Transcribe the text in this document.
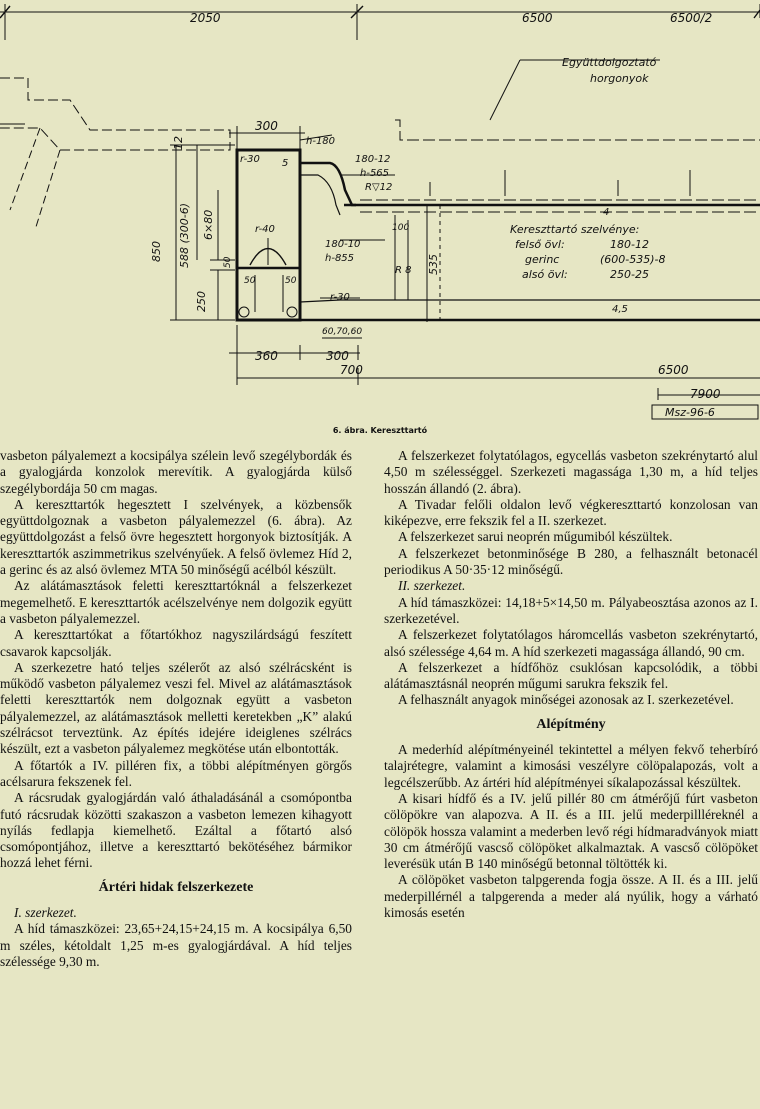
2050	6500	6500/2
Együttdolgoztató
horgonyok
300
h-180
r-30	180-12
h-565
R▽12
r-40
180-10
h-855
r-30
4,5
4
5
50	50
Kereszttartó szelvénye:
felső övl:	180-12
gerinc	(600-535)-8
alsó övl:	250-25
100
R 8
360	300
60,70,60
700	6500
7900
Msz-96-6
850 588 (300-6) 6×80
250
12
50	535
6. ábra. Kereszttartó

vasbeton pályalemezt a kocsipálya szélein levő szegélybordák és a gyalogjárda konzolok merevítik. A gyalogjárda külső szegélybordája 50 cm magas.

A kereszttartók hegesztett I szelvények, a közbensők együttdolgoznak a vasbeton pályalemezzel (6. ábra). Az együttdolgozást a felső övre hegesztett horgonyok biztosítják. A kereszttartók aszimmetrikus szelvényűek. A felső övlemez Híd 2, a gerinc és az alsó övlemez MTA 50 minőségű acélból készült.

Az alátámasztások feletti kereszttartóknál a felszerkezet megemelhető. E kereszttartók acélszelvénye nem dolgozik együtt a vasbeton pályalemezzel.

A kereszttartókat a főtartókhoz nagyszilárdságú feszített csavarok kapcsolják.

A szerkezetre ható teljes szélerőt az alsó szélrácsként is működő vasbeton pályalemez veszi fel. Mivel az alátámasztások feletti kereszttartók nem dolgoznak együtt a vasbeton pályalemezzel, az alátámasztások melletti keretekben „K” alakú szélrácsot terveztünk. Az építés idejére ideiglenes szélrács készült, ezt a vasbeton pályalemez megkötése után elbontották.

A főtartók a IV. pilléren fix, a többi alépítményen görgős acélsarura fekszenek fel.

A rácsrudak gyalogjárdán való áthaladásánál a csomópontba futó rácsrudak közötti szakaszon a vasbeton lemezen kihagyott nyílás fedlapja kiemelhető. Ezáltal a főtartó alsó csomópontjához, illetve a kereszttartó bekötéséhez bármikor hozzá lehet férni.

Ártéri hidak felszerkezete

I. szerkezet.

A híd támaszközei: 23,65+24,15+24,15 m. A kocsipálya 6,50 m széles, kétoldalt 1,25 m-es gyalogjárdával. A híd teljes szélessége 9,30 m.

A felszerkezet folytatólagos, egycellás vasbeton szekrénytartó alul 4,50 m szélességgel. Szerkezeti magassága 1,30 m, a híd teljes hosszán állandó (2. ábra).

A Tivadar felőli oldalon levő végkereszttartó konzolosan van kiképezve, erre fekszik fel a II. szerkezet.

A felszerkezet sarui neoprén műgumiból készültek.

A felszerkezet betonminősége B 280, a felhasznált betonacél periodikus A 50·35·12 minőségű.

II. szerkezet.

A híd támaszközei: 14,18+5×14,50 m. Pályabeosztása azonos az I. szerkezetével.

A felszerkezet folytatólagos háromcellás vasbeton szekrénytartó, alsó szélessége 4,64 m. A híd szerkezeti magassága állandó, 90 cm.

A felszerkezet a hídfőhöz csuklósan kapcsolódik, a többi alátámasztásnál neoprén műgumi sarukra fekszik fel.

A felhasznált anyagok minőségei azonosak az I. szerkezetével.

Alépítmény

A mederhíd alépítményeinél tekintettel a mélyen fekvő teherbíró talajrétegre, valamint a kimosási veszélyre cölöpalapozás, volt a legcélszerűbb. Az ártéri híd alépítményei síkalapozással készültek.

A kisari hídfő és a IV. jelű pillér 80 cm átmérőjű fúrt vasbeton cölöpökre van alapozva. A II. és a III. jelű mederpillléreknél a cölöpök hossza valamint a mederben levő régi hídmaradványok miatt 30 cm átmérőjű vascső cölöpöket alkalmaztak. A vascső cölöpöket leverésük után B 140 minőségű betonnal töltötték ki.

A cölöpöket vasbeton talpgerenda fogja össze. A II. és a III. jelű mederpillérnél a talpgerenda a meder alá nyúlik, hogy a várható kimosás esetén
